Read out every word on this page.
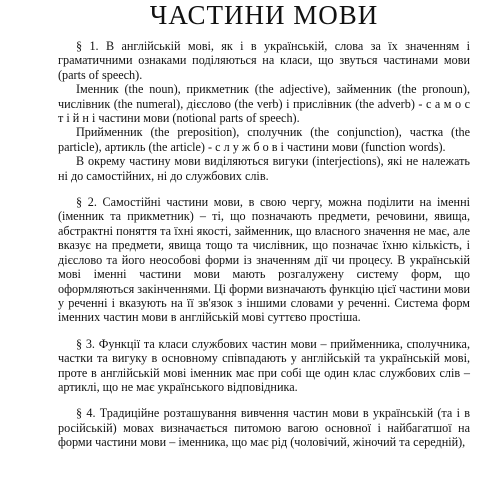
ЧАСТИНИ МОВИ

§ 1. В англійській мові, як і в українській, слова за їх значенням і граматичними ознаками поділяються на класи, що звуться частинами мови (parts of speech).

Іменник (the noun), прикметник (the adjective), займенник (the pronoun), числівник (the numeral), дієслово (the verb) і прислівник (the adverb) - с а м о с т і й н і частини мови (notional parts of speech).

Прийменник (the preposition), сполучник (the conjunction), частка (the particle), артикль (the article) - с л у ж б о в і частини мови (function words).

В окрему частину мови виділяються вигуки (interjections), які не належать ні до самостійних, ні до службових слів.

§ 2. Самостійні частини мови, в свою чергу, можна поділити на іменні (іменник та прикметник) – ті, що позначають предмети, речовини, явища, абстрактні поняття та їхні якості, займенник, що власного значення не має, але вказує на предмети, явища тощо та числівник, що позначає їхню кількість, і дієслово та його неособові форми із значенням дії чи процесу. В українській мові іменні частини мови мають розгалужену систему форм, що оформляються закінченнями. Ці форми визначають функцію цієї частини мови у реченні і вказують на її зв'язок з іншими словами у реченні. Система форм іменних частин мови в англійській мові суттєво простіша.

§ 3. Функції та класи службових частин мови – прийменника, сполучника, частки та вигуку в основному співпадають у англійській та українській мові, проте в англійській мові іменник має при собі ще один клас службових слів – артиклі, що не має українського відповідника.

§ 4. Традиційне розташування вивчення частин мови в українській (та і в російській) мовах визначається питомою вагою основної і найбагатшої на форми частини мови – іменника, що має рід (чоловічий, жіночий та середній),
